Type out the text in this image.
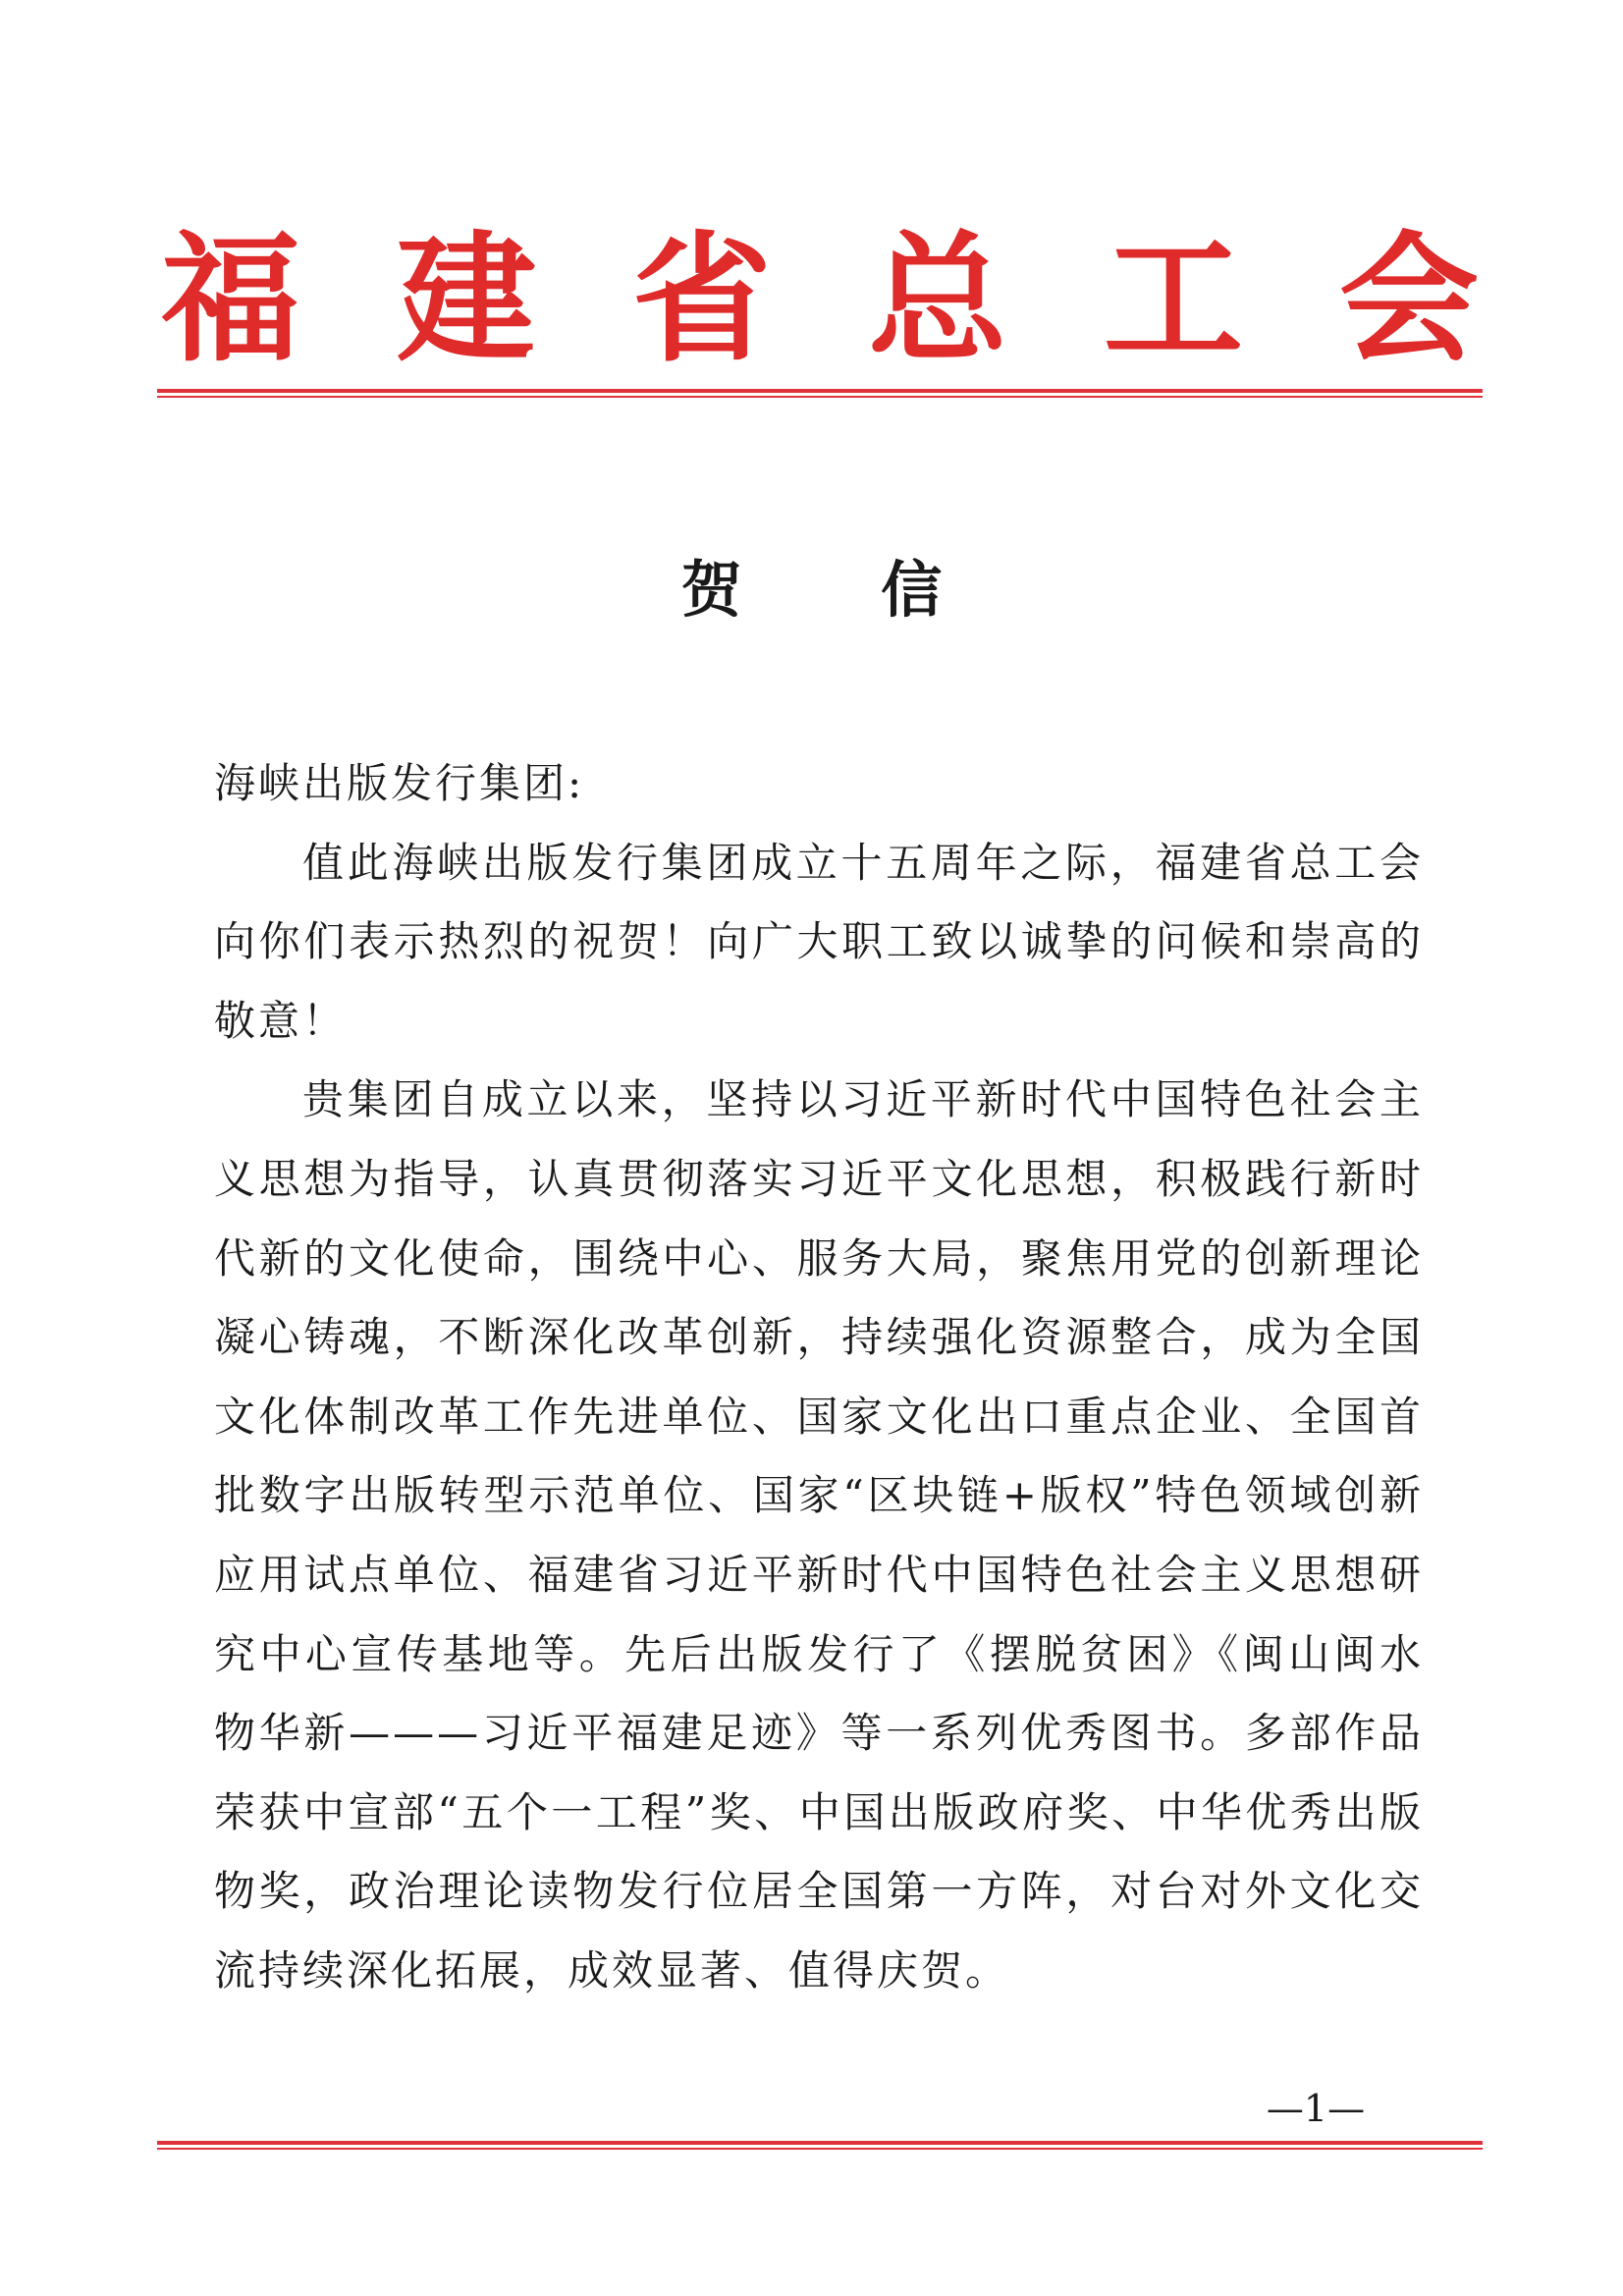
福 建 省 总 工 会
贺 信

海峡出版发行集团:

值此海峡出版发行集团成立十五周年之际，福建省总工会向你们表示热烈的祝贺！向广大职工致以诚挚的问候和崇高的敬意！

贵集团自成立以来，坚持以习近平新时代中国特色社会主义思想为指导，认真贯彻落实习近平文化思想，积极践行新时代新的文化使命，围绕中心、服务大局，聚焦用党的创新理论凝心铸魂，不断深化改革创新，持续强化资源整合，成为全国文化体制改革工作先进单位、国家文化出口重点企业、全国首批数字出版转型示范单位、国家“区块链+版权”特色领域创新应用试点单位、福建省习近平新时代中国特色社会主义思想研究中心宣传基地等。先后出版发行了《摆脱贫困》《闽山闽水物华新———习近平福建足迹》等一系列优秀图书。多部作品荣获中宣部“五个一工程”奖、中国出版政府奖、中华优秀出版物奖，政治理论读物发行位居全国第一方阵，对台对外文化交流持续深化拓展，成效显著、值得庆贺。

—1—
